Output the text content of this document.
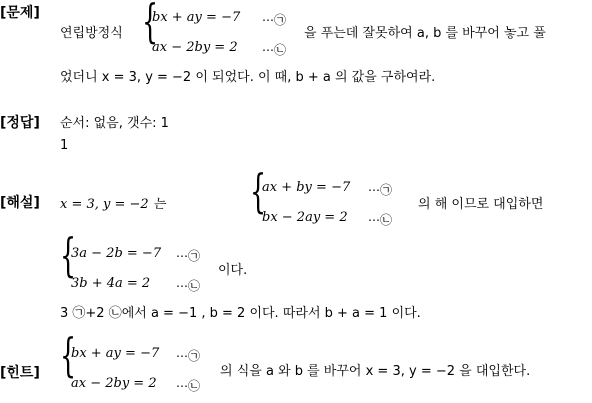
[문제]
연립방정식 {
bx + ay = −7 ⋯㉠
ax − 2by = 2 ⋯㉡
을 푸는데 잘못하여 a, b 를 바꾸어 놓고 풀
었더니 x = 3, y = −2 이 되었다. 이 때, b + a 의 값을 구하여라.
[정답] 순서: 없음, 갯수: 1
1
[해설] x = 3, y = −2 는 {
ax + by = −7 ⋯㉠
bx − 2ay = 2 ⋯㉡
의 해 이므로 대입하면
{
3a − 2b = −7 ⋯㉠
3b + 4a = 2 ⋯㉡
이다.
3 ㉠+2 ㉡에서 a = −1 , b = 2 이다. 따라서 b + a = 1 이다.
[힌트] {
bx + ay = −7 ⋯㉠
ax − 2by = 2 ⋯㉡
의 식을 a 와 b 를 바꾸어 x = 3, y = −2 을 대입한다.
